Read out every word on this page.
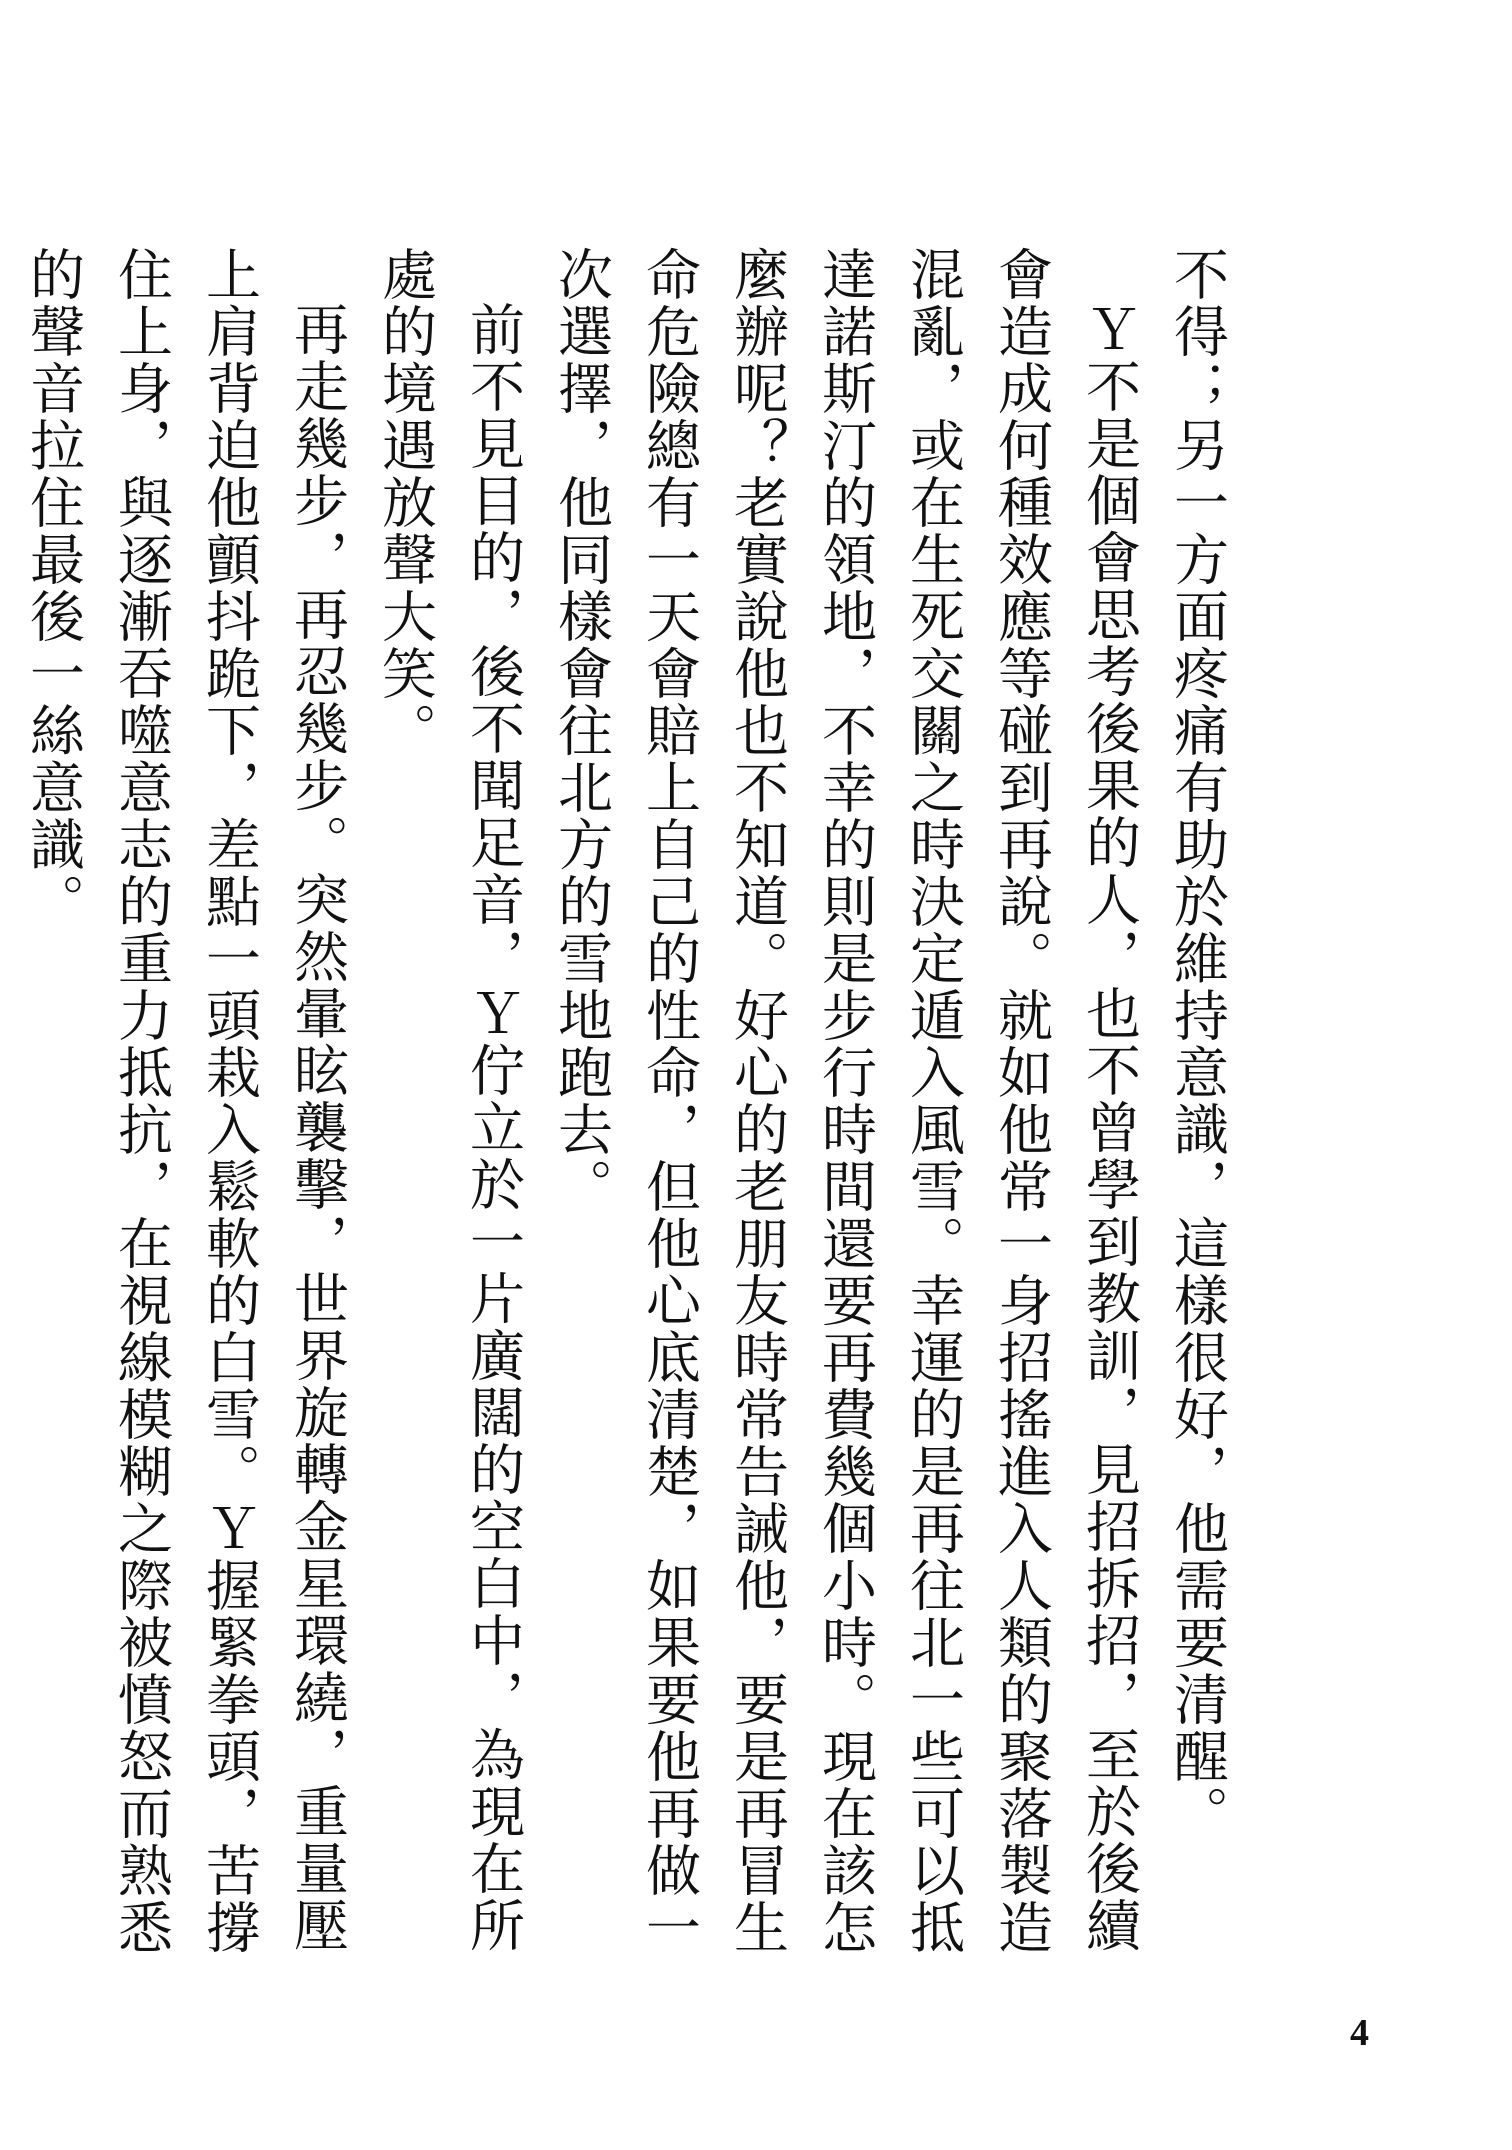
不得；另一方面疼痛有助於維持意識，這樣很好，他需要清醒。

Ｙ不是個會思考後果的人，也不曾學到教訓，見招拆招，至於後續會造成何種效應等碰到再說。就如他常一身招搖進入人類的聚落製造混亂，或在生死交關之時決定遁入風雪。幸運的是再往北一些可以抵達諾斯汀的領地，不幸的則是步行時間還要再費幾個小時。現在該怎麼辦呢？老實說他也不知道。好心的老朋友時常告誡他，要是再冒生命危險總有一天會賠上自己的性命，但他心底清楚，如果要他再做一次選擇，他同樣會往北方的雪地跑去。

前不見目的，後不聞足音，Ｙ佇立於一片廣闊的空白中，為現在所處的境遇放聲大笑。

再走幾步，再忍幾步。突然暈眩襲擊，世界旋轉金星環繞，重量壓上肩背迫他顫抖跪下，差點一頭栽入鬆軟的白雪。Ｙ握緊拳頭，苦撐住上身，與逐漸吞噬意志的重力抵抗，在視線模糊之際被憤怒而熟悉的聲音拉住最後一絲意識。

4
